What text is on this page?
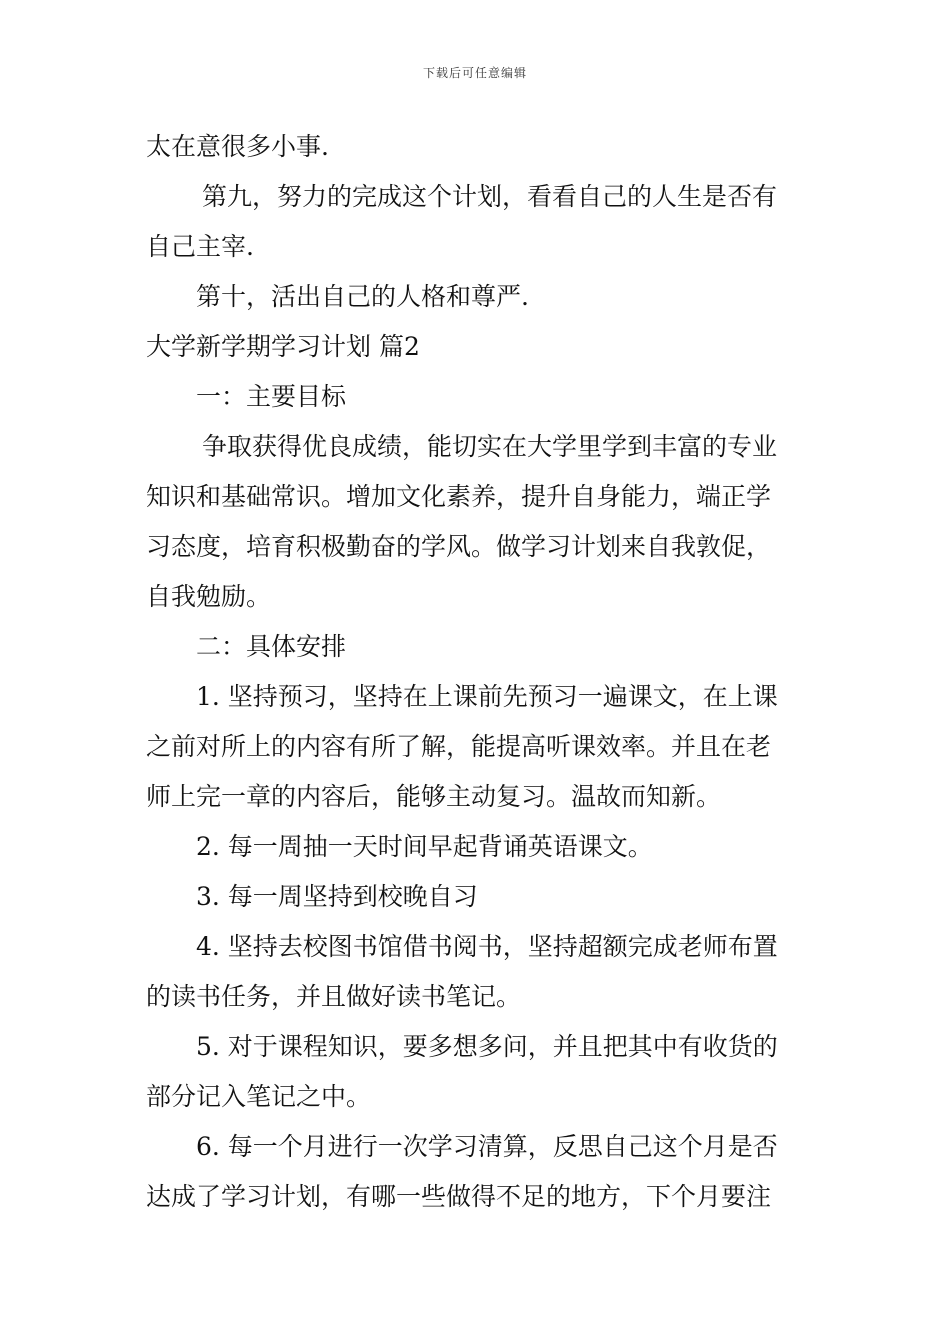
下载后可任意编辑
太在意很多小事.
第九，努力的完成这个计划，看看自己的人生是否有
自己主宰.
第十，活出自己的人格和尊严.
大学新学期学习计划 篇2
一：主要目标
争取获得优良成绩，能切实在大学里学到丰富的专业
知识和基础常识。增加文化素养，提升自身能力，端正学
习态度，培育积极勤奋的学风。做学习计划来自我敦促，
自我勉励。
二：具体安排
1. 坚持预习，坚持在上课前先预习一遍课文，在上课
之前对所上的内容有所了解，能提高听课效率。并且在老
师上完一章的内容后，能够主动复习。温故而知新。
2. 每一周抽一天时间早起背诵英语课文。
3. 每一周坚持到校晚自习
4. 坚持去校图书馆借书阅书，坚持超额完成老师布置
的读书任务，并且做好读书笔记。
5. 对于课程知识，要多想多问，并且把其中有收货的
部分记入笔记之中。
6. 每一个月进行一次学习清算，反思自己这个月是否
达成了学习计划，有哪一些做得不足的地方，下个月要注
